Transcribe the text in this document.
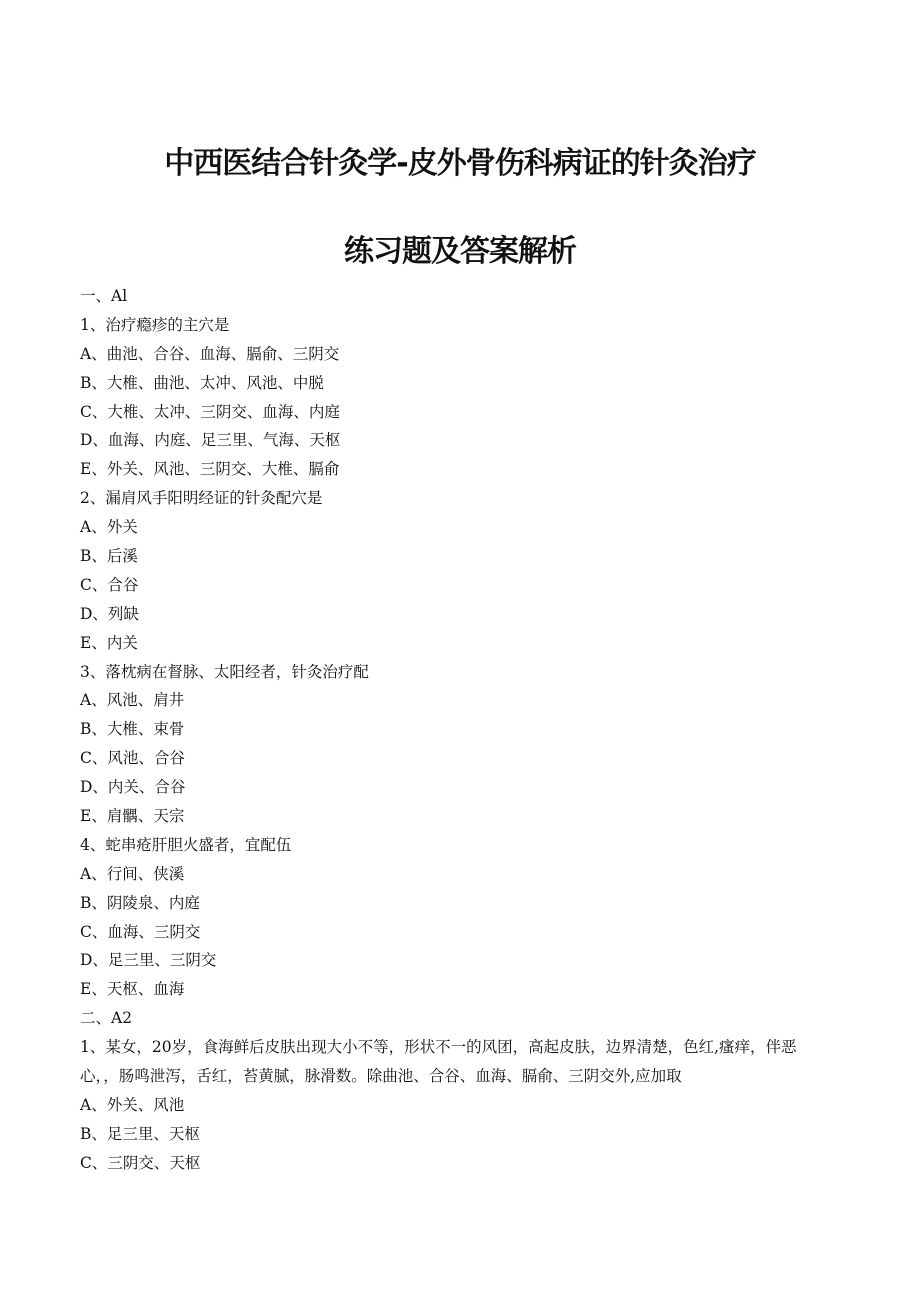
中西医结合针灸学-皮外骨伤科病证的针灸治疗
练习题及答案解析
一、Al
1、治疗瘾疹的主穴是
A、曲池、合谷、血海、膈俞、三阴交
B、大椎、曲池、太冲、风池、中脱
C、大椎、太冲、三阴交、血海、内庭
D、血海、内庭、足三里、气海、天枢
E、外关、风池、三阴交、大椎、膈俞
2、漏肩风手阳明经证的针灸配穴是
A、外关
B、后溪
C、合谷
D、列缺
E、内关
3、落枕病在督脉、太阳经者，针灸治疗配
A、风池、肩井
B、大椎、束骨
C、风池、合谷
D、内关、合谷
E、肩髃、天宗
4、蛇串疮肝胆火盛者，宜配伍
A、行间、侠溪
B、阴陵泉、内庭
C、血海、三阴交
D、足三里、三阴交
E、天枢、血海
二、A2
1、某女，20岁，食海鲜后皮肤出现大小不等，形状不一的风团，高起皮肤，边界清楚，色红,瘙痒，伴恶心，，肠鸣泄泻，舌红，苔黄腻，脉滑数。除曲池、合谷、血海、膈俞、三阴交外,应加取
A、外关、风池
B、足三里、天枢
C、三阴交、天枢
